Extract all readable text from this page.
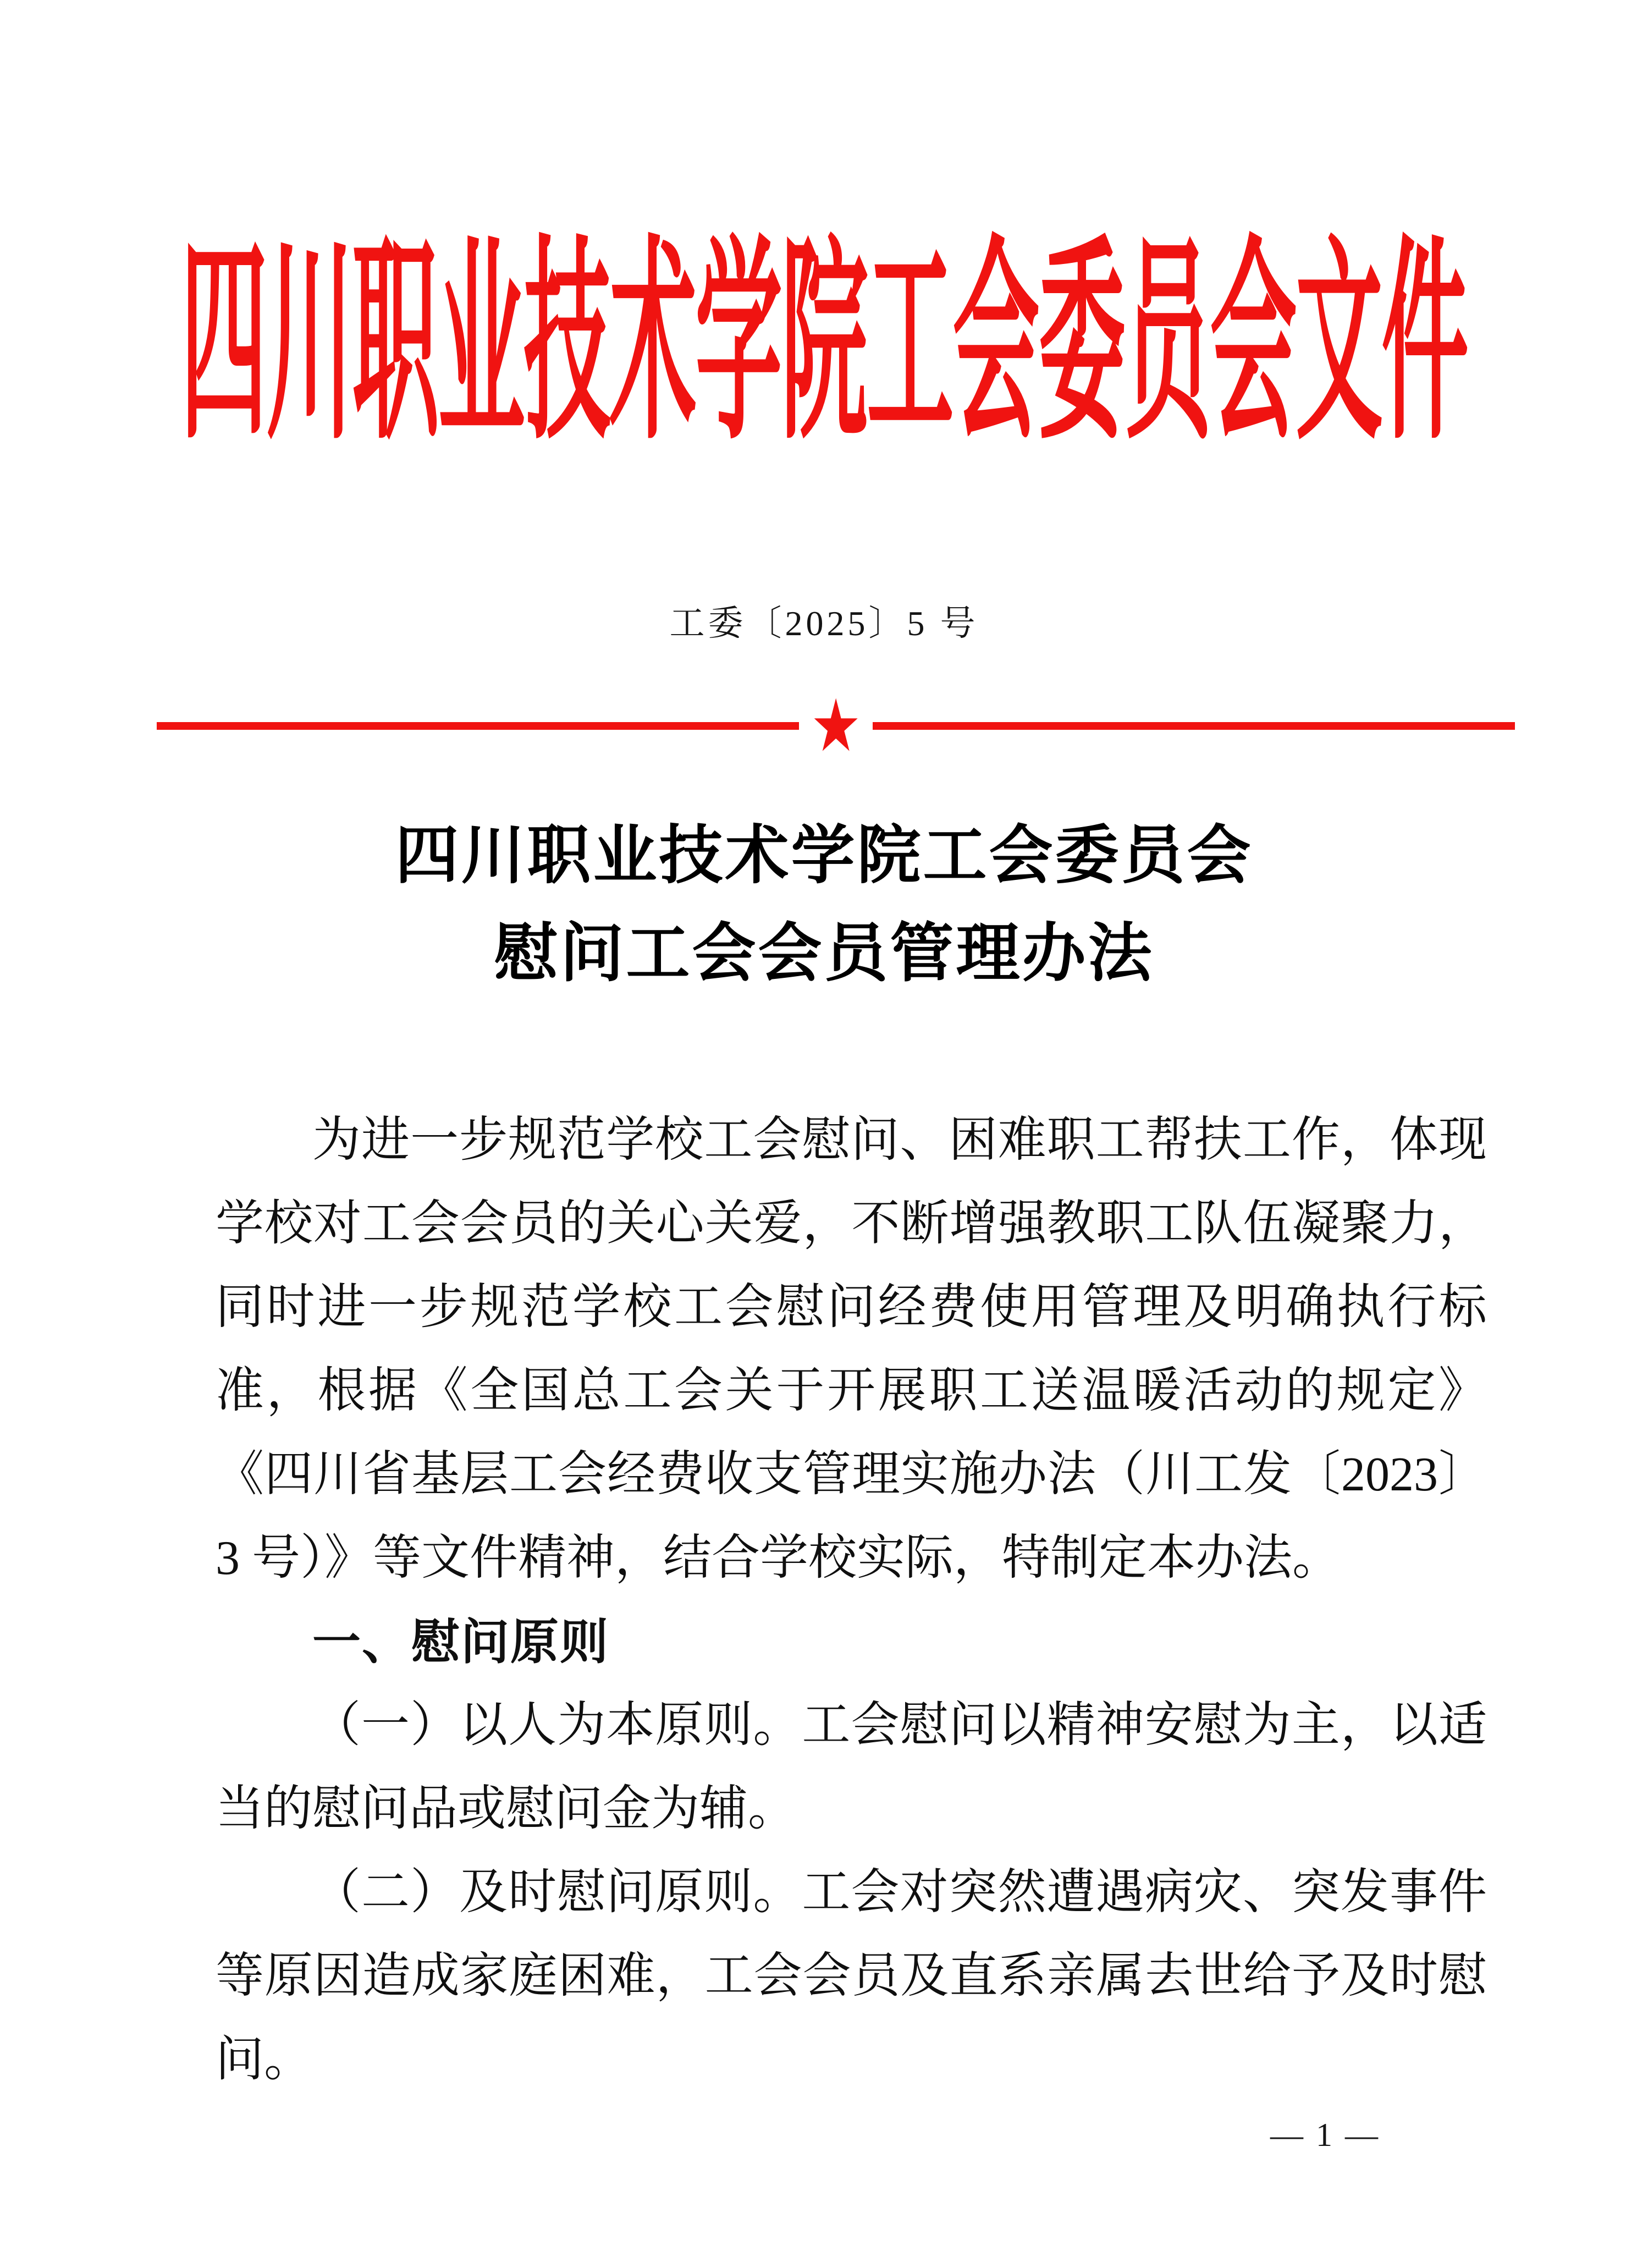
四川职业技术学院工会委员会文件
工委〔2025〕5 号
★
四川职业技术学院工会委员会
慰问工会会员管理办法

为进一步规范学校工会慰问、困难职工帮扶工作，体现学校对工会会员的关心关爱，不断增强教职工队伍凝聚力，同时进一步规范学校工会慰问经费使用管理及明确执行标准，根据《全国总工会关于开展职工送温暖活动的规定》《四川省基层工会经费收支管理实施办法（川工发〔2023〕3 号）》等文件精神，结合学校实际，特制定本办法。

一、慰问原则

（一）以人为本原则。工会慰问以精神安慰为主，以适当的慰问品或慰问金为辅。

（二）及时慰问原则。工会对突然遭遇病灾、突发事件等原因造成家庭困难，工会会员及直系亲属去世给予及时慰问。

— 1 —
